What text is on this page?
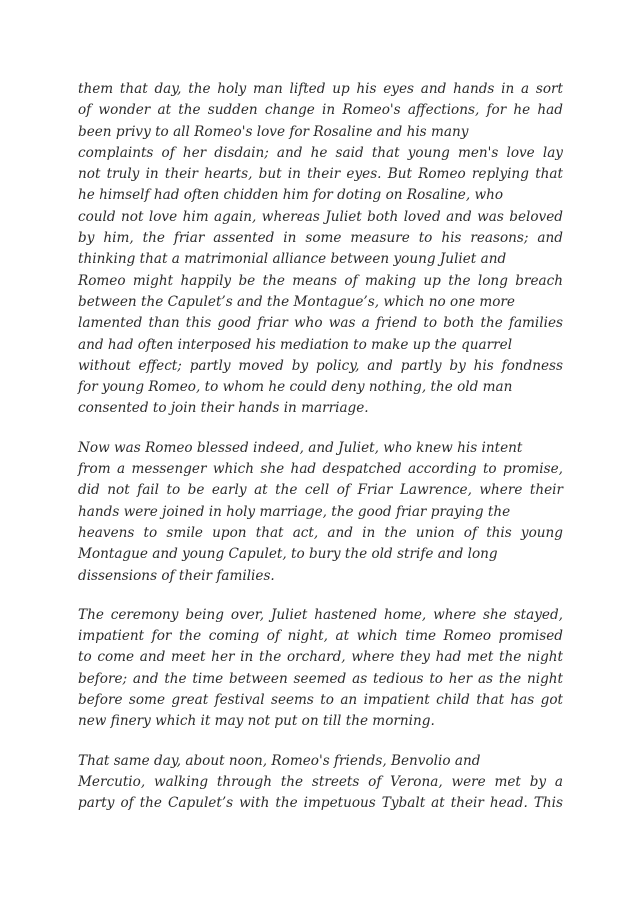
them that day, the holy man lifted up his eyes and hands in a sort
of wonder at the sudden change in Romeo's affections, for he had
been privy to all Romeo's love for Rosaline and his many
complaints of her disdain; and he said that young men's love lay
not truly in their hearts, but in their eyes. But Romeo replying that
he himself had often chidden him for doting on Rosaline, who
could not love him again, whereas Juliet both loved and was beloved
by him, the friar assented in some measure to his reasons; and
thinking that a matrimonial alliance between young Juliet and
Romeo might happily be the means of making up the long breach
between the Capulet’s and the Montague’s, which no one more
lamented than this good friar who was a friend to both the families
and had often interposed his mediation to make up the quarrel
without effect; partly moved by policy, and partly by his fondness
for young Romeo, to whom he could deny nothing, the old man
consented to join their hands in marriage.
Now was Romeo blessed indeed, and Juliet, who knew his intent
from a messenger which she had despatched according to promise,
did not fail to be early at the cell of Friar Lawrence, where their
hands were joined in holy marriage, the good friar praying the
heavens to smile upon that act, and in the union of this young
Montague and young Capulet, to bury the old strife and long
dissensions of their families.
The ceremony being over, Juliet hastened home, where she stayed,
impatient for the coming of night, at which time Romeo promised
to come and meet her in the orchard, where they had met the night
before; and the time between seemed as tedious to her as the night
before some great festival seems to an impatient child that has got
new finery which it may not put on till the morning.
That same day, about noon, Romeo's friends, Benvolio and
Mercutio, walking through the streets of Verona, were met by a
party of the Capulet’s with the impetuous Tybalt at their head. This
